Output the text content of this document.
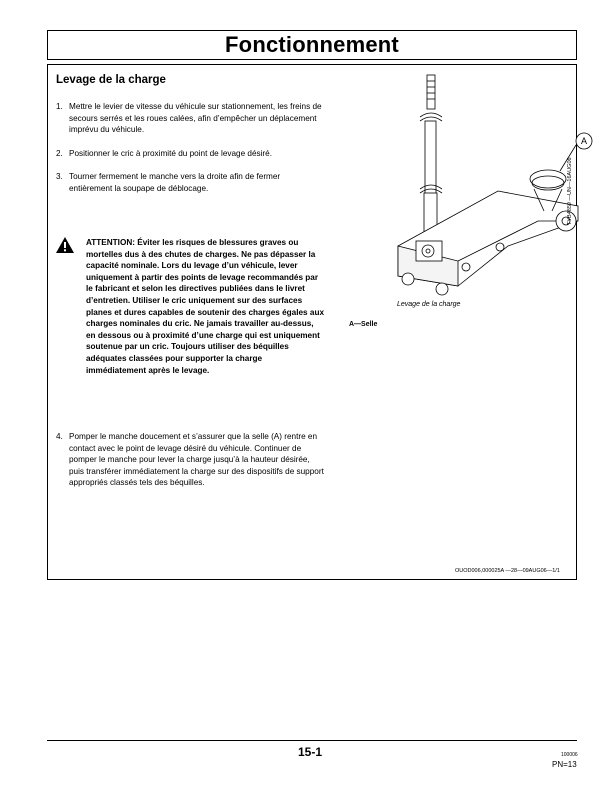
Fonctionnement
Levage de la charge
1. Mettre le levier de vitesse du véhicule sur stationnement, les freins de secours serrés et les roues calées, afin d’empêcher un déplacement imprévu du véhicule.
2. Positionner le cric à proximité du point de levage désiré.
3. Tourner fermement le manche vers la droite afin de fermer entièrement la soupape de déblocage.
ATTENTION: Éviter les risques de blessures graves ou mortelles dus à des chutes de charges. Ne pas dépasser la capacité nominale. Lors du levage d’un véhicule, lever uniquement à partir des points de levage recommandés par le fabricant et selon les directives publiées dans le livret d’entretien. Utiliser le cric uniquement sur des surfaces planes et dures capables de soutenir des charges égales aux charges nominales du cric. Ne jamais travailler au-dessus, en dessous ou à proximité d’une charge qui est uniquement soutenue par un cric. Toujours utiliser des béquilles adéquates classées pour supporter la charge immédiatement après le levage.
4. Pomper le manche doucement et s’assurer que la selle (A) rentre en contact avec le point de levage désiré du véhicule. Continuer de pomper le manche pour lever la charge jusqu’à la hauteur désirée, puis transférer immédiatement la charge sur des dispositifs de support appropriés classés tels des béquilles.
A
Levage de la charge
TYB4859 —UN—16AUG06
A—Selle
OUOD006,000025A —28—09AUG06—1/1
15-1	100006
PN=13
